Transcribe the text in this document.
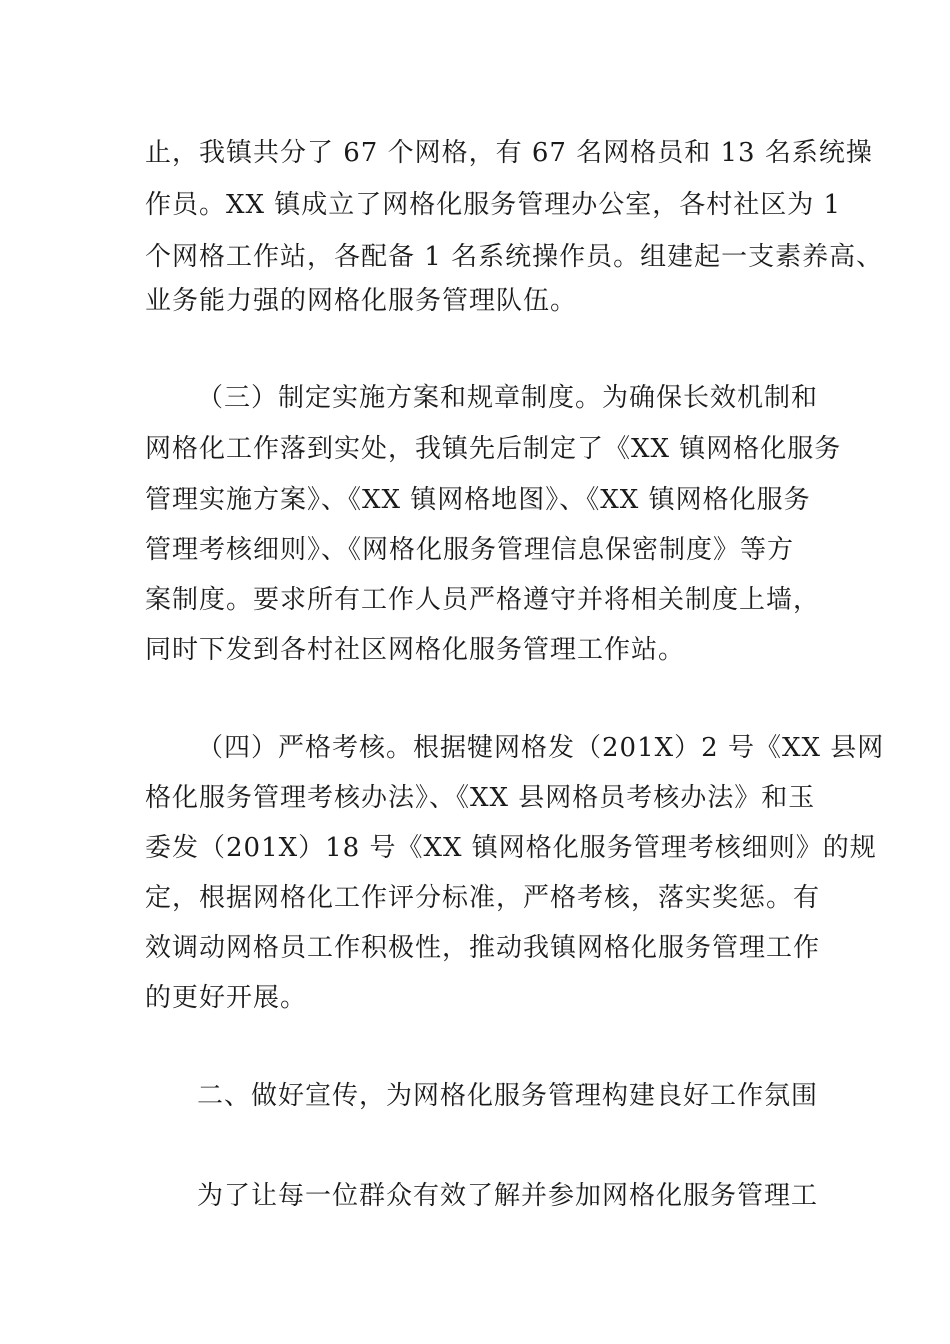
止，我镇共分了 67 个网格，有 67 名网格员和 13 名系统操
作员。XX 镇成立了网格化服务管理办公室，各村社区为 1
个网格工作站，各配备 1 名系统操作员。组建起一支素养高、
业务能力强的网格化服务管理队伍。
（三）制定实施方案和规章制度。为确保长效机制和
网格化工作落到实处，我镇先后制定了《XX 镇网格化服务
管理实施方案》、《XX 镇网格地图》、《XX 镇网格化服务
管理考核细则》、《网格化服务管理信息保密制度》等方
案制度。要求所有工作人员严格遵守并将相关制度上墙，
同时下发到各村社区网格化服务管理工作站。
（四）严格考核。根据犍网格发（201X）2 号《XX 县网
格化服务管理考核办法》、《XX 县网格员考核办法》和玉
委发（201X）18 号《XX 镇网格化服务管理考核细则》的规
定，根据网格化工作评分标准，严格考核，落实奖惩。有
效调动网格员工作积极性，推动我镇网格化服务管理工作
的更好开展。
二、做好宣传，为网格化服务管理构建良好工作氛围
为了让每一位群众有效了解并参加网格化服务管理工
